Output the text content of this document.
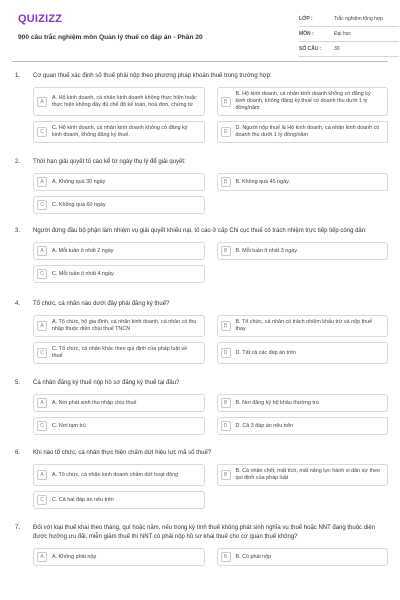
QUIZIZZ
900 câu trắc nghiệm môn Quản lý thuế có đáp án - Phần 20
LỚP :	Trắc nghiệm tổng hợp
MÔN :	Đại học
SỐ CÂU :	30
1.	Cơ quan thuế xác định số thuế phải nộp theo phương pháp khoán thuế trong trường hợp:
A
A. Hộ kinh doanh, cá nhân kinh doanh không thực hiện hoặc thực hiện không đầy đủ chế độ kế toán, hoá đơn, chứng từ	B
B. Hộ kinh doanh, cá nhân kinh doanh không có đăng ký kinh doanh, không đăng ký thuế có doanh thu dưới 1 tỷ đồng/năm
C
C. Hộ kinh doanh, cá nhân kinh doanh không có đăng ký kinh doanh, không đăng ký thuế.	D
D. Người nộp thuế là Hộ kinh doanh, cá nhân kinh doanh có doanh thu dưới 1 tỷ đồng/năm
2.	Thời hạn giải quyết tố cáo kể từ ngày thụ lý để giải quyết:
A	A. Không quá 30 ngày	B	B. Không quá 45 ngày.
C	C. Không quá 60 ngày
3.	Người đứng đầu bộ phận làm nhiệm vụ giải quyết khiếu nại, tố cáo ở cấp Chi cục thuế có trách nhiệm trực tiếp tiếp công dân:
A	A. Mỗi tuần ít nhất 2 ngày	B	B. Mỗi tuần ít nhất 3 ngày.
C	C. Mỗi tuần ít nhất 4 ngày.
4.	Tổ chức, cá nhân nào dưới đây phải đăng ký thuế?
A
A. Tổ chức, hộ gia đình, cá nhân kinh doanh, cá nhân có thu nhập thuộc diện chịu thuế TNCN	B
B. Tổ chức, cá nhân có trách nhiệm khấu trừ và nộp thuế thay
C
C. Tổ chức, cá nhân khác theo qui định của pháp luật về thuế	D	D. Tất cả các đáp án trên
5.	Cá nhân đăng ký thuế nộp hồ sơ đăng ký thuế tại đâu?
A	A. Nơi phát sinh thu nhập chịu thuế	B	B. Nơi đăng ký hộ khẩu thường trú
C	C. Nơi tạm trú	D	D. Cả 3 đáp án nêu trên
6.	Khi nào tổ chức, cá nhân thực hiện chấm dứt hiệu lực mã số thuế?
A	A. Tổ chức, cá nhân kinh doanh chấm dứt hoạt động	B
B. Cá nhân chết, mất tích, mất năng lực hành vi dân sự theo qui định của pháp luật
C	C. Cả hai đáp án nêu trên
7.	Đối với loại thuế khai theo tháng, quí hoặc năm, nếu trong kỳ tính thuế không phát sinh nghĩa vụ thuế hoặc NNT đang thuộc diện được hưởng ưu đãi, miễn giảm thuế thì NNT có phải nộp hồ sơ khai thuế cho cơ quan thuế không?
A	A. Không phải nộp	B	B. Có phải nộp
